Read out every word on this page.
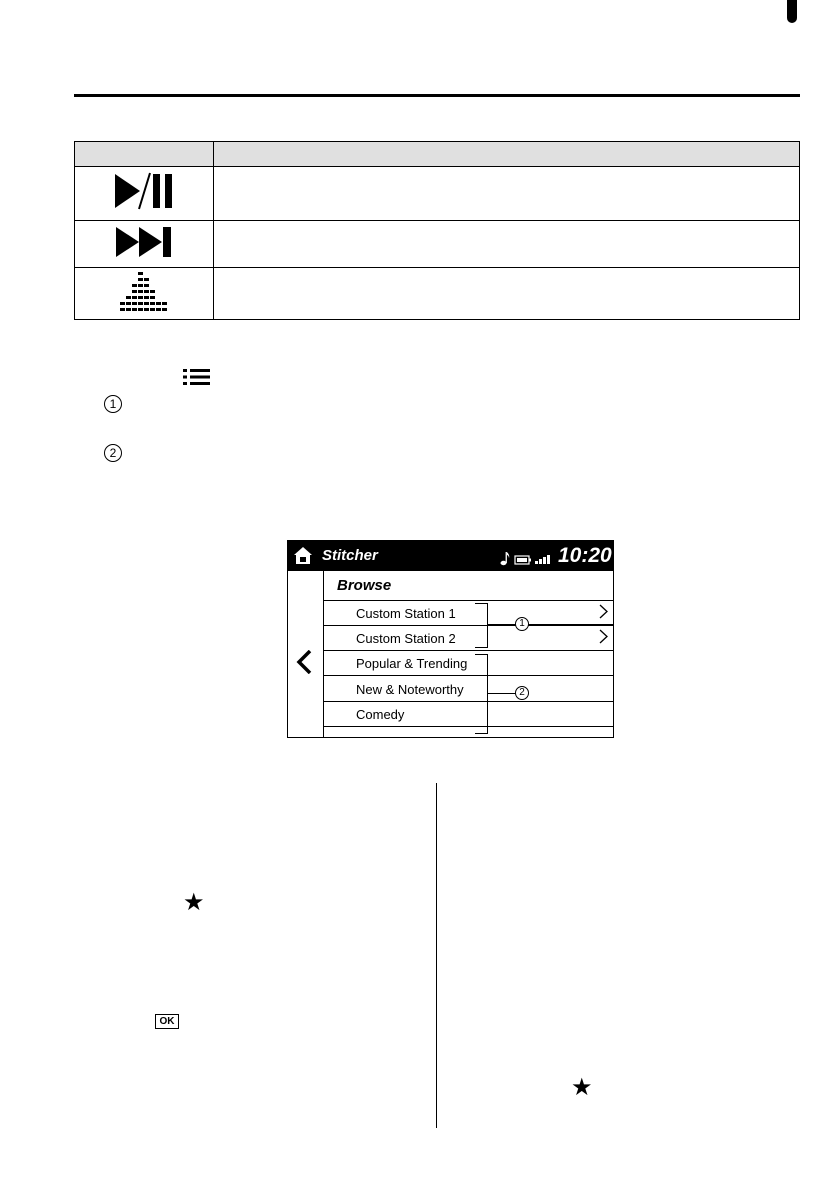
1
2
Stitcher	10:20
Browse
Custom Station 1
Custom Station 2
Popular & Trending
New & Noteworthy
Comedy
1
2
★
OK
★
